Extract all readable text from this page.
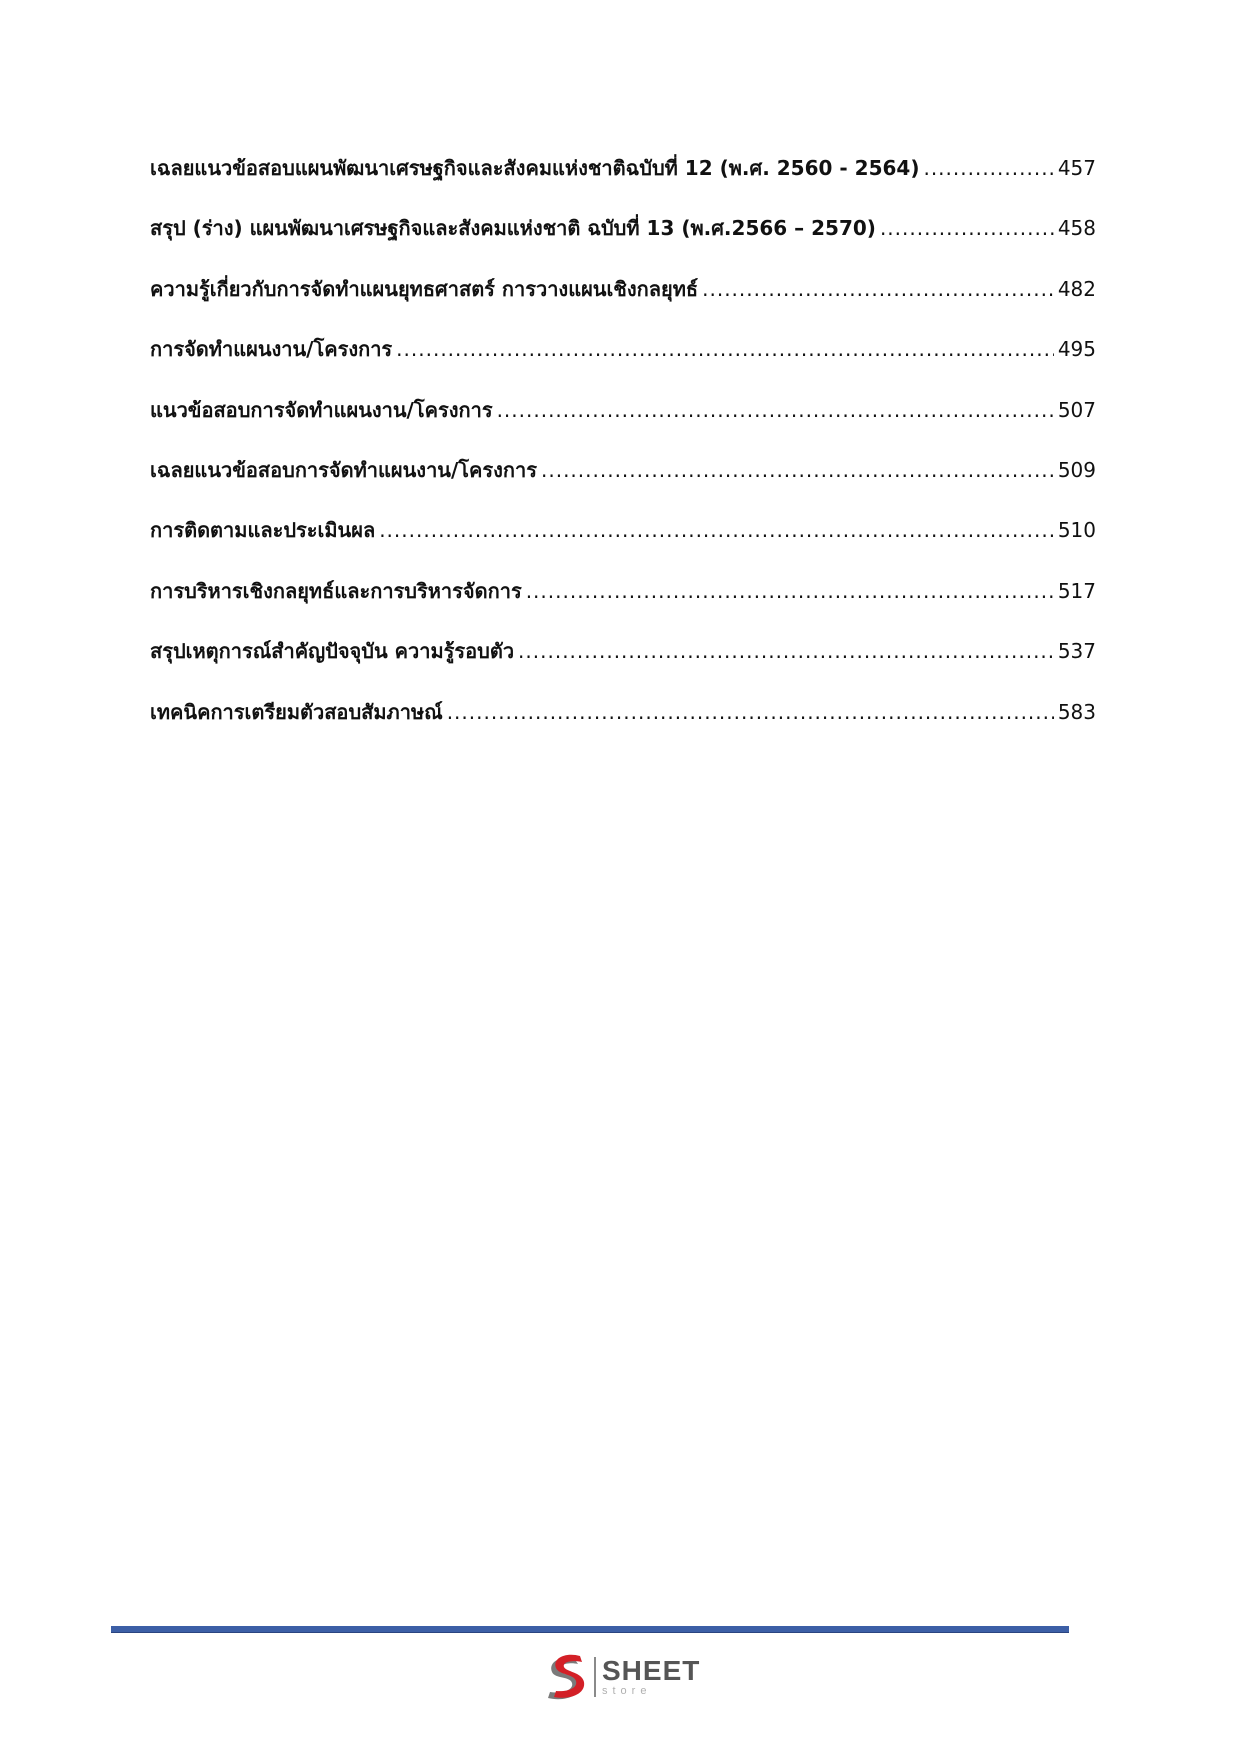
เฉลยแนวข้อสอบแผนพัฒนาเศรษฐกิจและสังคมแห่งชาติฉบับที่ 12 (พ.ศ. 2560 - 2564) .....	457
สรุป (ร่าง) แผนพัฒนาเศรษฐกิจและสังคมแห่งชาติ ฉบับที่ 13 (พ.ศ.2566 – 2570) .....	458
ความรู้เกี่ยวกับการจัดทำแผนยุทธศาสตร์ การวางแผนเชิงกลยุทธ์ .....	482
การจัดทำแผนงาน/โครงการ .....	495
แนวข้อสอบการจัดทำแผนงาน/โครงการ .....	507
เฉลยแนวข้อสอบการจัดทำแผนงาน/โครงการ .....	509
การติดตามและประเมินผล .....	510
การบริหารเชิงกลยุทธ์และการบริหารจัดการ .....	517
สรุปเหตุการณ์สำคัญปัจจุบัน ความรู้รอบตัว .....	537
เทคนิคการเตรียมตัวสอบสัมภาษณ์ .....	583
SHEET
store
